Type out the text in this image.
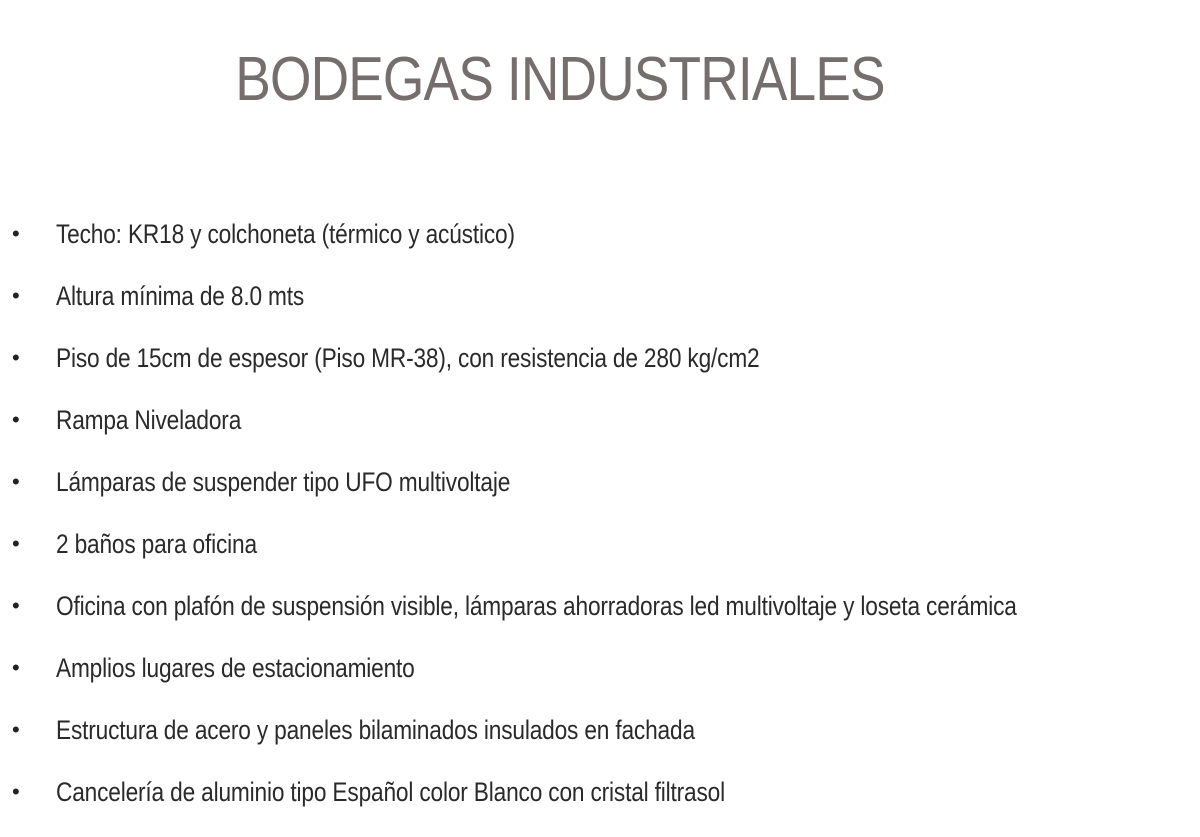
BODEGAS INDUSTRIALES
•	Techo: KR18 y colchoneta (térmico y acústico)
•	Altura mínima de 8.0 mts
•	Piso de 15cm de espesor (Piso MR-38), con resistencia de 280 kg/cm2
•	Rampa Niveladora
•	Lámparas de suspender tipo UFO multivoltaje
•	2 baños para oficina
•	Oficina con plafón de suspensión visible, lámparas ahorradoras led multivoltaje y loseta cerámica
•	Amplios lugares de estacionamiento
•	Estructura de acero y paneles bilaminados insulados en fachada
•	Cancelería de aluminio tipo Español color Blanco con cristal filtrasol
